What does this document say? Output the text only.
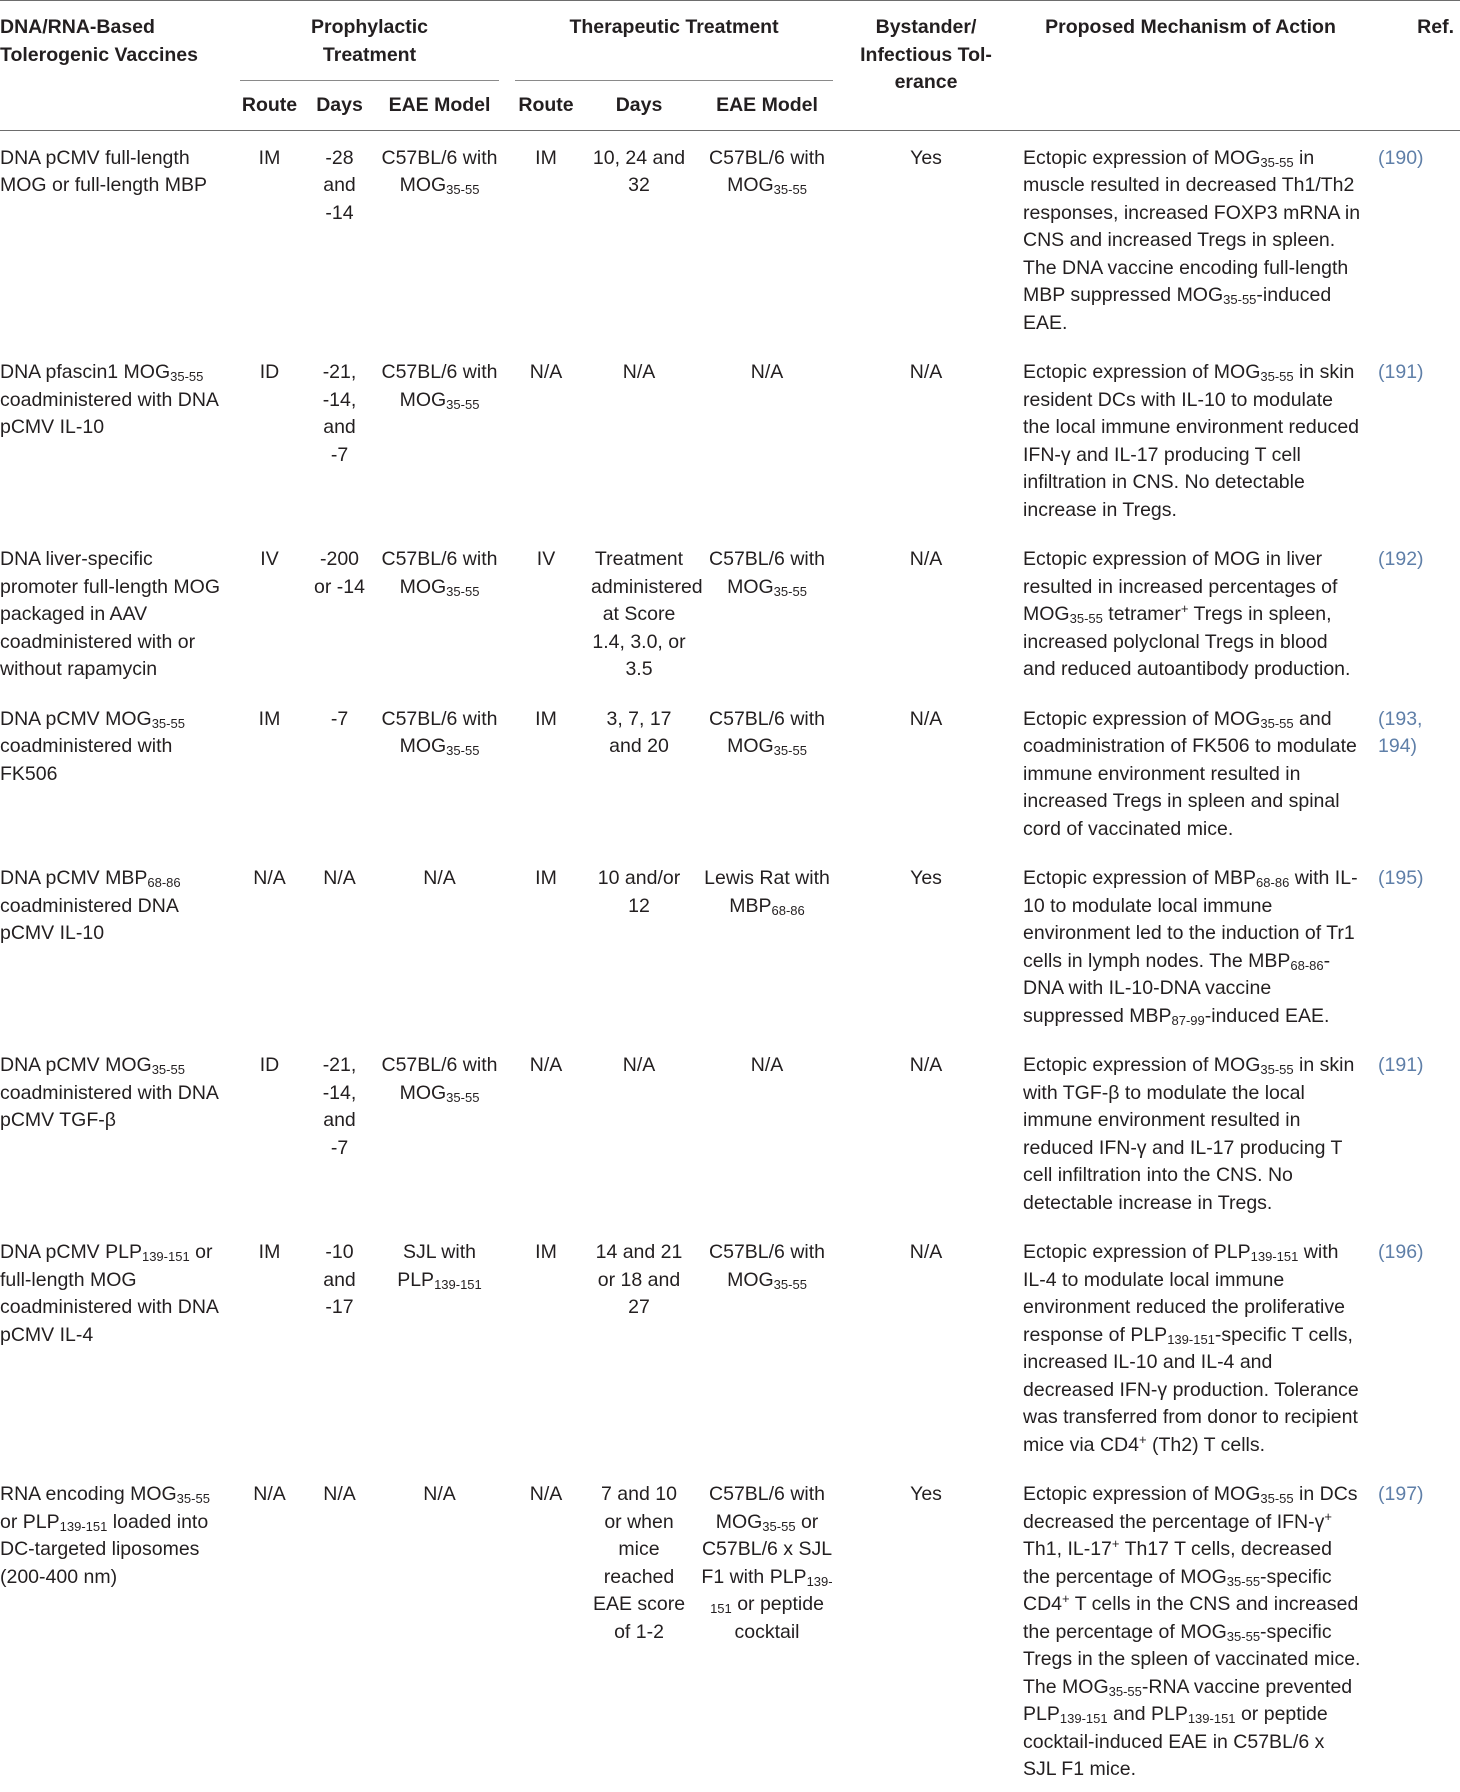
DNA/RNA-Based Tolerogenic Vaccines	Prophylactic Treatment			Therapeutic Treatment			Bystander/ Infectious Tolerance	Proposed Mechanism of Action	Ref.
	Route	Days	EAE Model	Route	Days	EAE Model			
DNA pCMV full-length MOG or full-length MBP	IM	-28 and -14	C57BL/6 with $MOG_{35-55}$	IM	10, 24 and 32	C57BL/6 with $MOG_{35-55}$	Yes	Ectopic expression of $MOG_{35-55}$ in muscle resulted in decreased Th1/Th2 responses, increased FOXP3 mRNA in CNS and increased Tregs in spleen. The DNA vaccine encoding full-length MBP suppressed $MOG_{35-55}$-induced EAE.	(190)
DNA pfascin1 $MOG_{35-55}$ coadministered with DNA pCMV IL-10	ID	-21, -14, and -7	C57BL/6 with $MOG_{35-55}$	N/A	N/A	N/A	N/A	Ectopic expression of $MOG_{35-55}$ in skin resident DCs with IL-10 to modulate the local immune environment reduced IFN-γ and IL-17 producing T cell infiltration in CNS. No detectable increase in Tregs.	(191)
DNA liver-specific promoter full-length MOG packaged in AAV coadministered with or without rapamycin	IV	-200 or -14	C57BL/6 with $MOG_{35-55}$	IV	Treatment administered at Score 1.4, 3.0, or 3.5	C57BL/6 with $MOG_{35-55}$	N/A	Ectopic expression of MOG in liver resulted in increased percentages of $MOG_{35-55}$ tetramer+ Tregs in spleen, increased polyclonal Tregs in blood and reduced autoantibody production.	(192)
DNA pCMV $MOG_{35-55}$ coadministered with FK506	IM	-7	C57BL/6 with $MOG_{35-55}$	IM	3, 7, 17 and 20	C57BL/6 with $MOG_{35-55}$	N/A	Ectopic expression of $MOG_{35-55}$ and coadministration of FK506 to modulate immune environment resulted in increased Tregs in spleen and spinal cord of vaccinated mice.	(193, 194)
DNA pCMV $MBP_{68-86}$ coadministered DNA pCMV IL-10	N/A	N/A	N/A	IM	10 and/or 12	Lewis Rat with $MBP_{68-86}$	Yes	Ectopic expression of $MBP_{68-86}$ with IL-10 to modulate local immune environment led to the induction of Tr1 cells in lymph nodes. The $MBP_{68-86}$-DNA with IL-10-DNA vaccine suppressed $MBP_{87-99}$-induced EAE.	(195)
DNA pCMV $MOG_{35-55}$ coadministered with DNA pCMV TGF-β	ID	-21, -14, and -7	C57BL/6 with $MOG_{35-55}$	N/A	N/A	N/A	N/A	Ectopic expression of $MOG_{35-55}$ in skin with TGF-β to modulate the local immune environment resulted in reduced IFN-γ and IL-17 producing T cell infiltration into the CNS. No detectable increase in Tregs.	(191)
DNA pCMV $PLP_{139-151}$ or full-length MOG coadministered with DNA pCMV IL-4	IM	-10 and -17	SJL with $PLP_{139-151}$	IM	14 and 21 or 18 and 27	C57BL/6 with $MOG_{35-55}$	N/A	Ectopic expression of $PLP_{139-151}$ with IL-4 to modulate local immune environment reduced the proliferative response of $PLP_{139-151}$-specific T cells, increased IL-10 and IL-4 and decreased IFN-γ production. Tolerance was transferred from donor to recipient mice via CD4+ (Th2) T cells.	(196)
RNA encoding $MOG_{35-55}$ or $PLP_{139-151}$ loaded into DC-targeted liposomes (200-400 nm)	N/A	N/A	N/A	N/A	7 and 10 or when mice reached EAE score of 1-2	C57BL/6 with $MOG_{35-55}$ or C57BL/6 x SJL F1 with $PLP_{139-151}$ or peptide cocktail	Yes	Ectopic expression of $MOG_{35-55}$ in DCs decreased the percentage of IFN-γ+ Th1, IL-17+ Th17 T cells, decreased the percentage of $MOG_{35-55}$-specific CD4+ T cells in the CNS and increased the percentage of $MOG_{35-55}$-specific Tregs in the spleen of vaccinated mice. The $MOG_{35-55}$-RNA vaccine prevented $PLP_{139-151}$ and $PLP_{139-151}$ or peptide cocktail-induced EAE in C57BL/6 x SJL F1 mice.	(197)
